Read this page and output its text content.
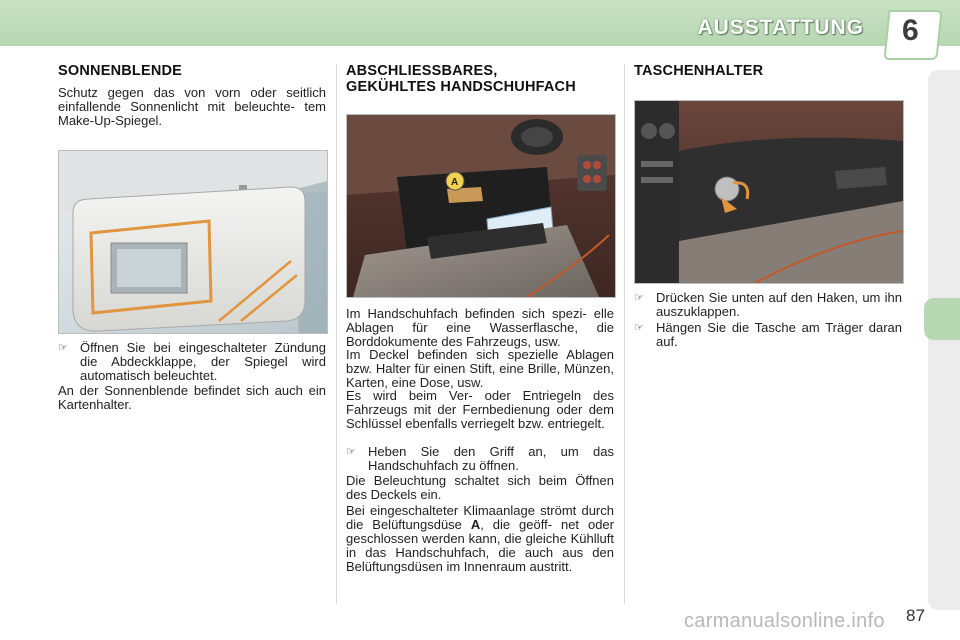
AUSSTATTUNG 6
SONNENBLENDE

Schutz gegen das von vorn oder seitlich einfallende Sonnenlicht mit beleuchte- tem Make-Up-Spiegel.

☞ Öffnen Sie bei eingeschalteter Zündung die Abdeckklappe, der Spiegel wird automatisch beleuchtet.

An der Sonnenblende befindet sich auch ein Kartenhalter.

ABSCHLIESSBARES,
GEKÜHLTES HANDSCHUHFACH
A

Im Handschuhfach befinden sich spezi- elle Ablagen für eine Wasserflasche, die Borddokumente des Fahrzeugs, usw.

Im Deckel befinden sich spezielle Ablagen bzw. Halter für einen Stift, eine Brille, Münzen, Karten, eine Dose, usw.

Es wird beim Ver- oder Entriegeln des Fahrzeugs mit der Fernbedienung oder dem Schlüssel ebenfalls verriegelt bzw. entriegelt.

☞ Heben Sie den Griff an, um das Handschuhfach zu öffnen.

Die Beleuchtung schaltet sich beim Öffnen des Deckels ein.

Bei eingeschalteter Klimaanlage strömt durch die Belüftungsdüse A, die geöff- net oder geschlossen werden kann, die gleiche Kühlluft in das Handschuhfach, die auch aus den Belüftungsdüsen im Innenraum austritt.

TASCHENHALTER
☞ Drücken Sie unten auf den Haken, um ihn auszuklappen.
☞ Hängen Sie die Tasche am Träger daran auf.
carmanualsonline.info 87
